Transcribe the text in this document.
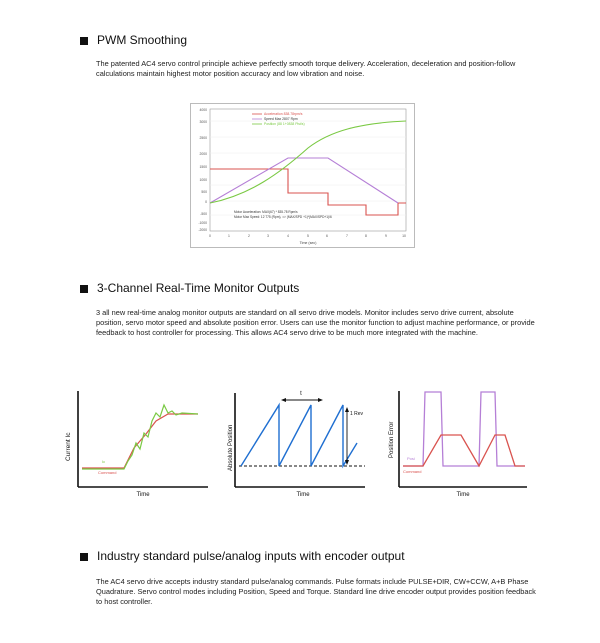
PWM Smoothing
The patented AC4 servo control principle achieve perfectly smooth torque delivery. Acceleration, deceleration and position-follow calculations maintain highest motor position accuracy and low vibration and noise.
4000
3000
2500
2000
1500
1000
500
0
-500
-1000
-2000
0	1	2	3	4	5	6	7	8	9	10
Time (sec)
Acceleration 838.78rpm/s
Speed Max 2807 Rpm
Position (88 1+0838 Plst/s)
Motor Acceleration: MAX(67) * 835.78 Rpm/s
Motor Max Speed: 12 775 (Rpm), => (MAX/SPD +1)*(MAX/SPD+1)/6
3-Channel Real-Time Monitor Outputs
3 all new real-time analog monitor outputs are standard on all servo drive models. Monitor includes servo drive current, absolute position, servo motor speed and absolute position error. Users can use the monitor function to adjust machine performance, or provide feedback to host controller for processing. This allows AC4 servo drive to be much more integrated with the machine.
Current Ic
Time
Ic
Command
Absolute Position
Time
t
1 Rev
Position Error
Time
Posi
Command
Industry standard pulse/analog inputs with encoder output
The AC4 servo drive accepts industry standard pulse/analog commands. Pulse formats include PULSE+DIR, CW+CCW, A+B Phase Quadrature. Servo control modes including Position, Speed and Torque. Standard line drive encoder output provides position feedback to host controller.
